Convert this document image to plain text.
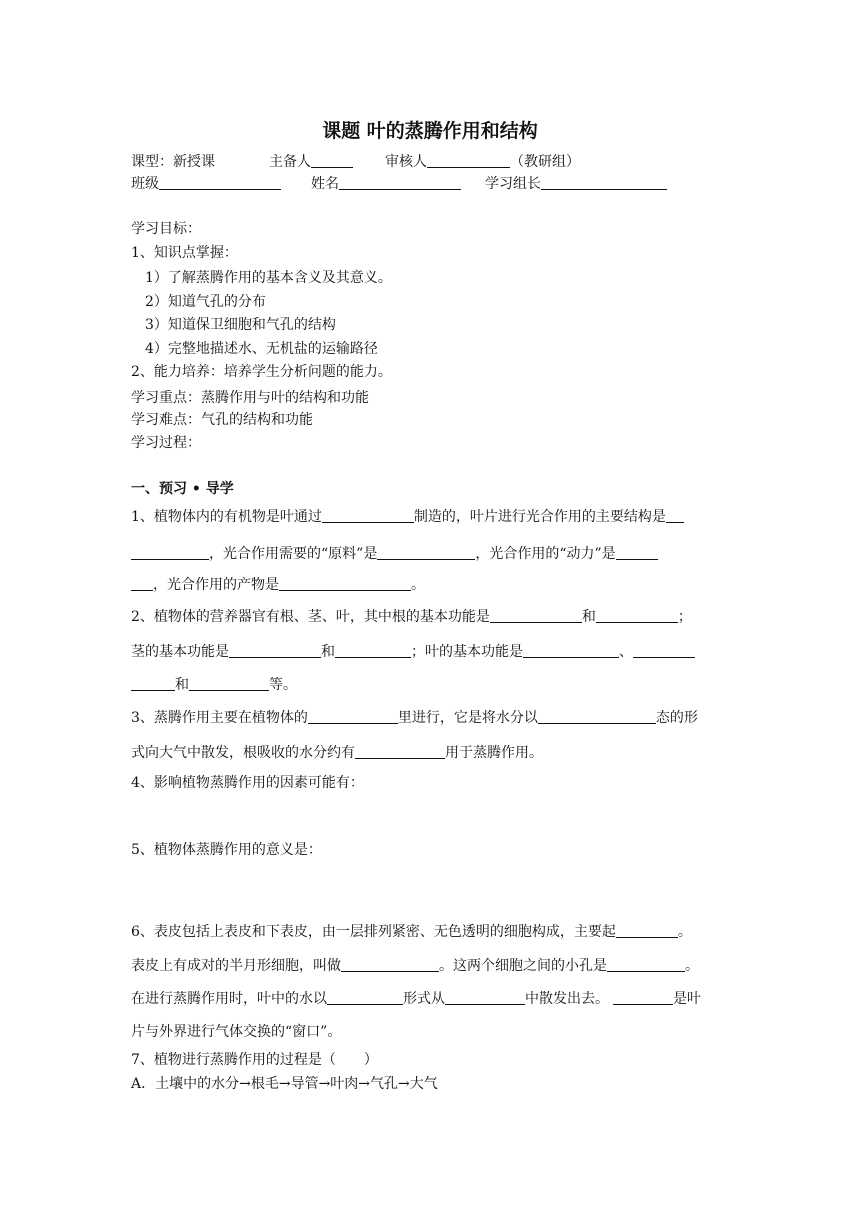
课题 叶的蒸腾作用和结构
课型：新授课	主备人	审核人	（教研组）
班级	姓名	学习组长
学习目标：
1、知识点掌握：
1）了解蒸腾作用的基本含义及其意义。
2）知道气孔的分布
3）知道保卫细胞和气孔的结构
4）完整地描述水、无机盐的运输路径
2、能力培养：培养学生分析问题的能力。
学习重点：蒸腾作用与叶的结构和功能
学习难点：气孔的结构和功能
学习过程：
一、预习 • 导学
1、植物体内的有机物是叶通过	制造的，叶片进行光合作用的主要结构是
，光合作用需要的“原料”是	，光合作用的“动力”是
，光合作用的产物是	。
2、植物体的营养器官有根、茎、叶，其中根的基本功能是	和	；
茎的基本功能是	和	；叶的基本功能是	、
和	等。
3、蒸腾作用主要在植物体的	里进行，它是将水分以	态的形
式向大气中散发，根吸收的水分约有	用于蒸腾作用。
4、影响植物蒸腾作用的因素可能有：
5、植物体蒸腾作用的意义是：
6、表皮包括上表皮和下表皮，由一层排列紧密、无色透明的细胞构成，主要起	。
表皮上有成对的半月形细胞，叫做	。这两个细胞之间的小孔是	。
在进行蒸腾作用时，叶中的水以	形式从	中散发出去。	是叶
片与外界进行气体交换的“窗口”。
7、植物进行蒸腾作用的过程是（　　）
A．土壤中的水分→根毛→导管→叶肉→气孔→大气
